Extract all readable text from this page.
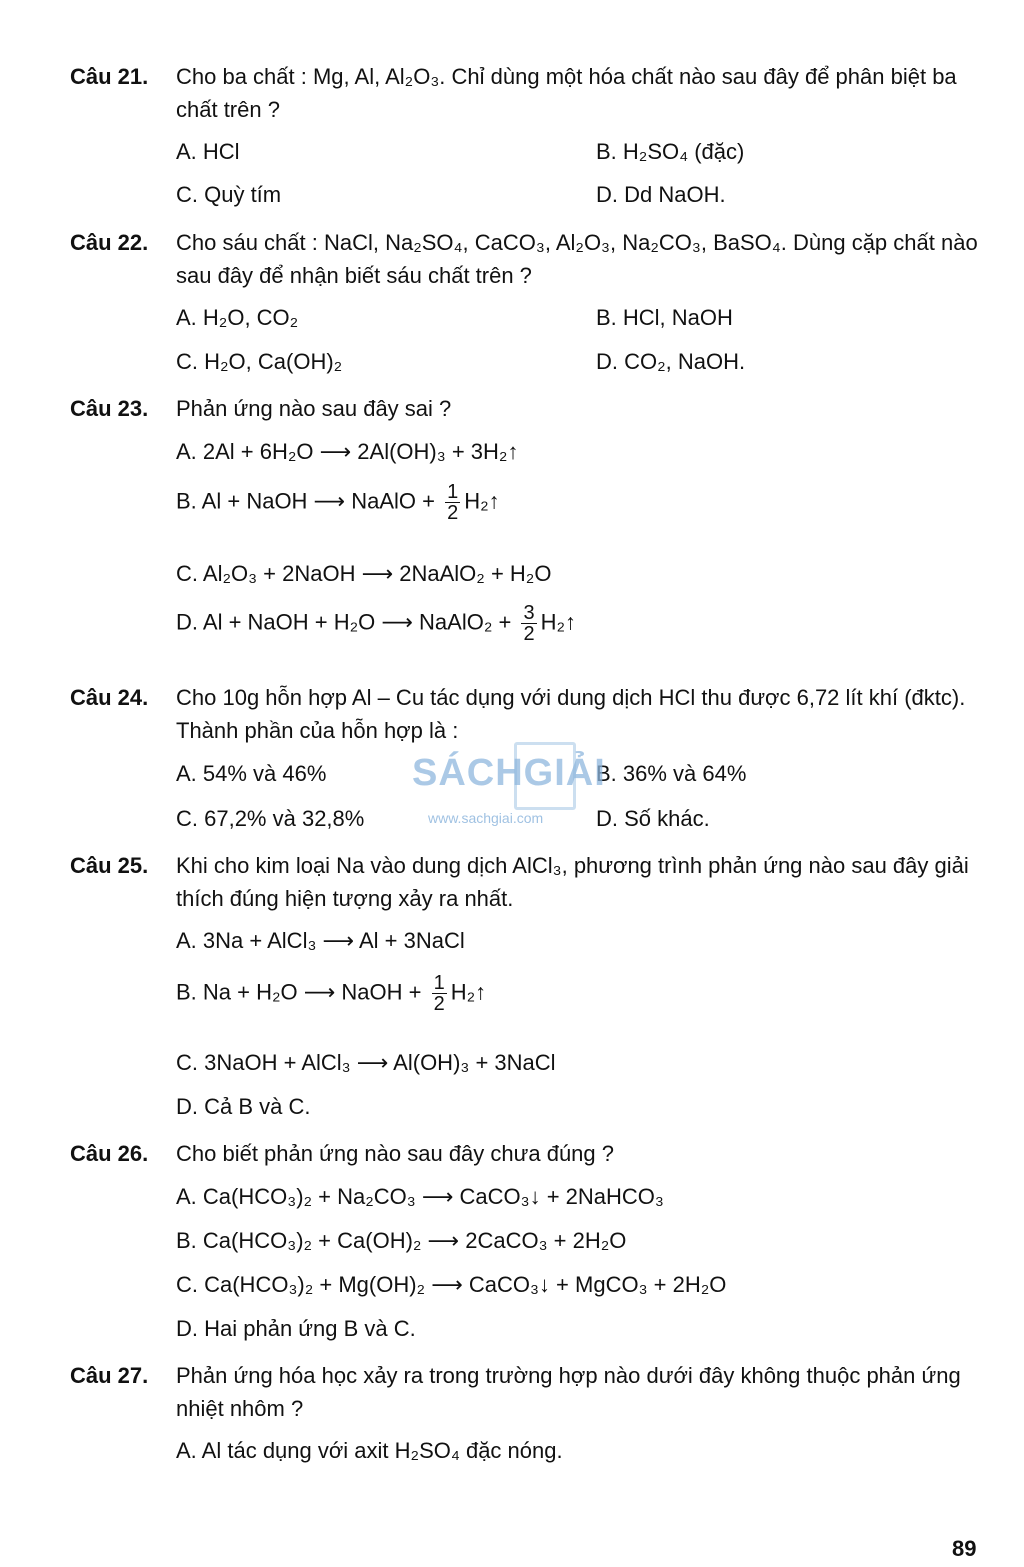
Câu 21. Cho ba chất : Mg, Al, Al₂O₃. Chỉ dùng một hóa chất nào sau đây để phân biệt ba chất trên ?
A. HCl	B. H₂SO₄ (đặc)
C. Quỳ tím	D. Dd NaOH.
Câu 22. Cho sáu chất : NaCl, Na₂SO₄, CaCO₃, Al₂O₃, Na₂CO₃, BaSO₄. Dùng cặp chất nào sau đây để nhận biết sáu chất trên ?
A. H₂O, CO₂	B. HCl, NaOH
C. H₂O, Ca(OH)₂	D. CO₂, NaOH.
Câu 23. Phản ứng nào sau đây sai ?
A. 2Al + 6H₂O ⟶ 2Al(OH)₃ + 3H₂↑
B. Al + NaOH ⟶ NaAlO + $\frac{1}{2}$ H₂↑
C. Al₂O₃ + 2NaOH ⟶ 2NaAlO₂ + H₂O
D. Al + NaOH + H₂O ⟶ NaAlO₂ + $\frac{3}{2}$ H₂↑
Câu 24. Cho 10g hỗn hợp Al – Cu tác dụng với dung dịch HCl thu được 6,72 lít khí (đktc). Thành phần của hỗn hợp là :
A. 54% và 46%	B. 36% và 64%
C. 67,2% và 32,8%	D. Số khác.
Câu 25. Khi cho kim loại Na vào dung dịch AlCl₃, phương trình phản ứng nào sau đây giải thích đúng hiện tượng xảy ra nhất.
A. 3Na + AlCl₃ ⟶ Al + 3NaCl
B. Na + H₂O ⟶ NaOH + $\frac{1}{2}$ H₂↑
C. 3NaOH + AlCl₃ ⟶ Al(OH)₃ + 3NaCl
D. Cả B và C.
Câu 26. Cho biết phản ứng nào sau đây chưa đúng ?
A. Ca(HCO₃)₂ + Na₂CO₃ ⟶ CaCO₃↓ + 2NaHCO₃
B. Ca(HCO₃)₂ + Ca(OH)₂ ⟶ 2CaCO₃ + 2H₂O
C. Ca(HCO₃)₂ + Mg(OH)₂ ⟶ CaCO₃↓ + MgCO₃ + 2H₂O
D. Hai phản ứng B và C.
Câu 27. Phản ứng hóa học xảy ra trong trường hợp nào dưới đây không thuộc phản ứng nhiệt nhôm ?
A. Al tác dụng với axit H₂SO₄ đặc nóng.
SÁCHGIẢI
www.sachgiai.com
89
